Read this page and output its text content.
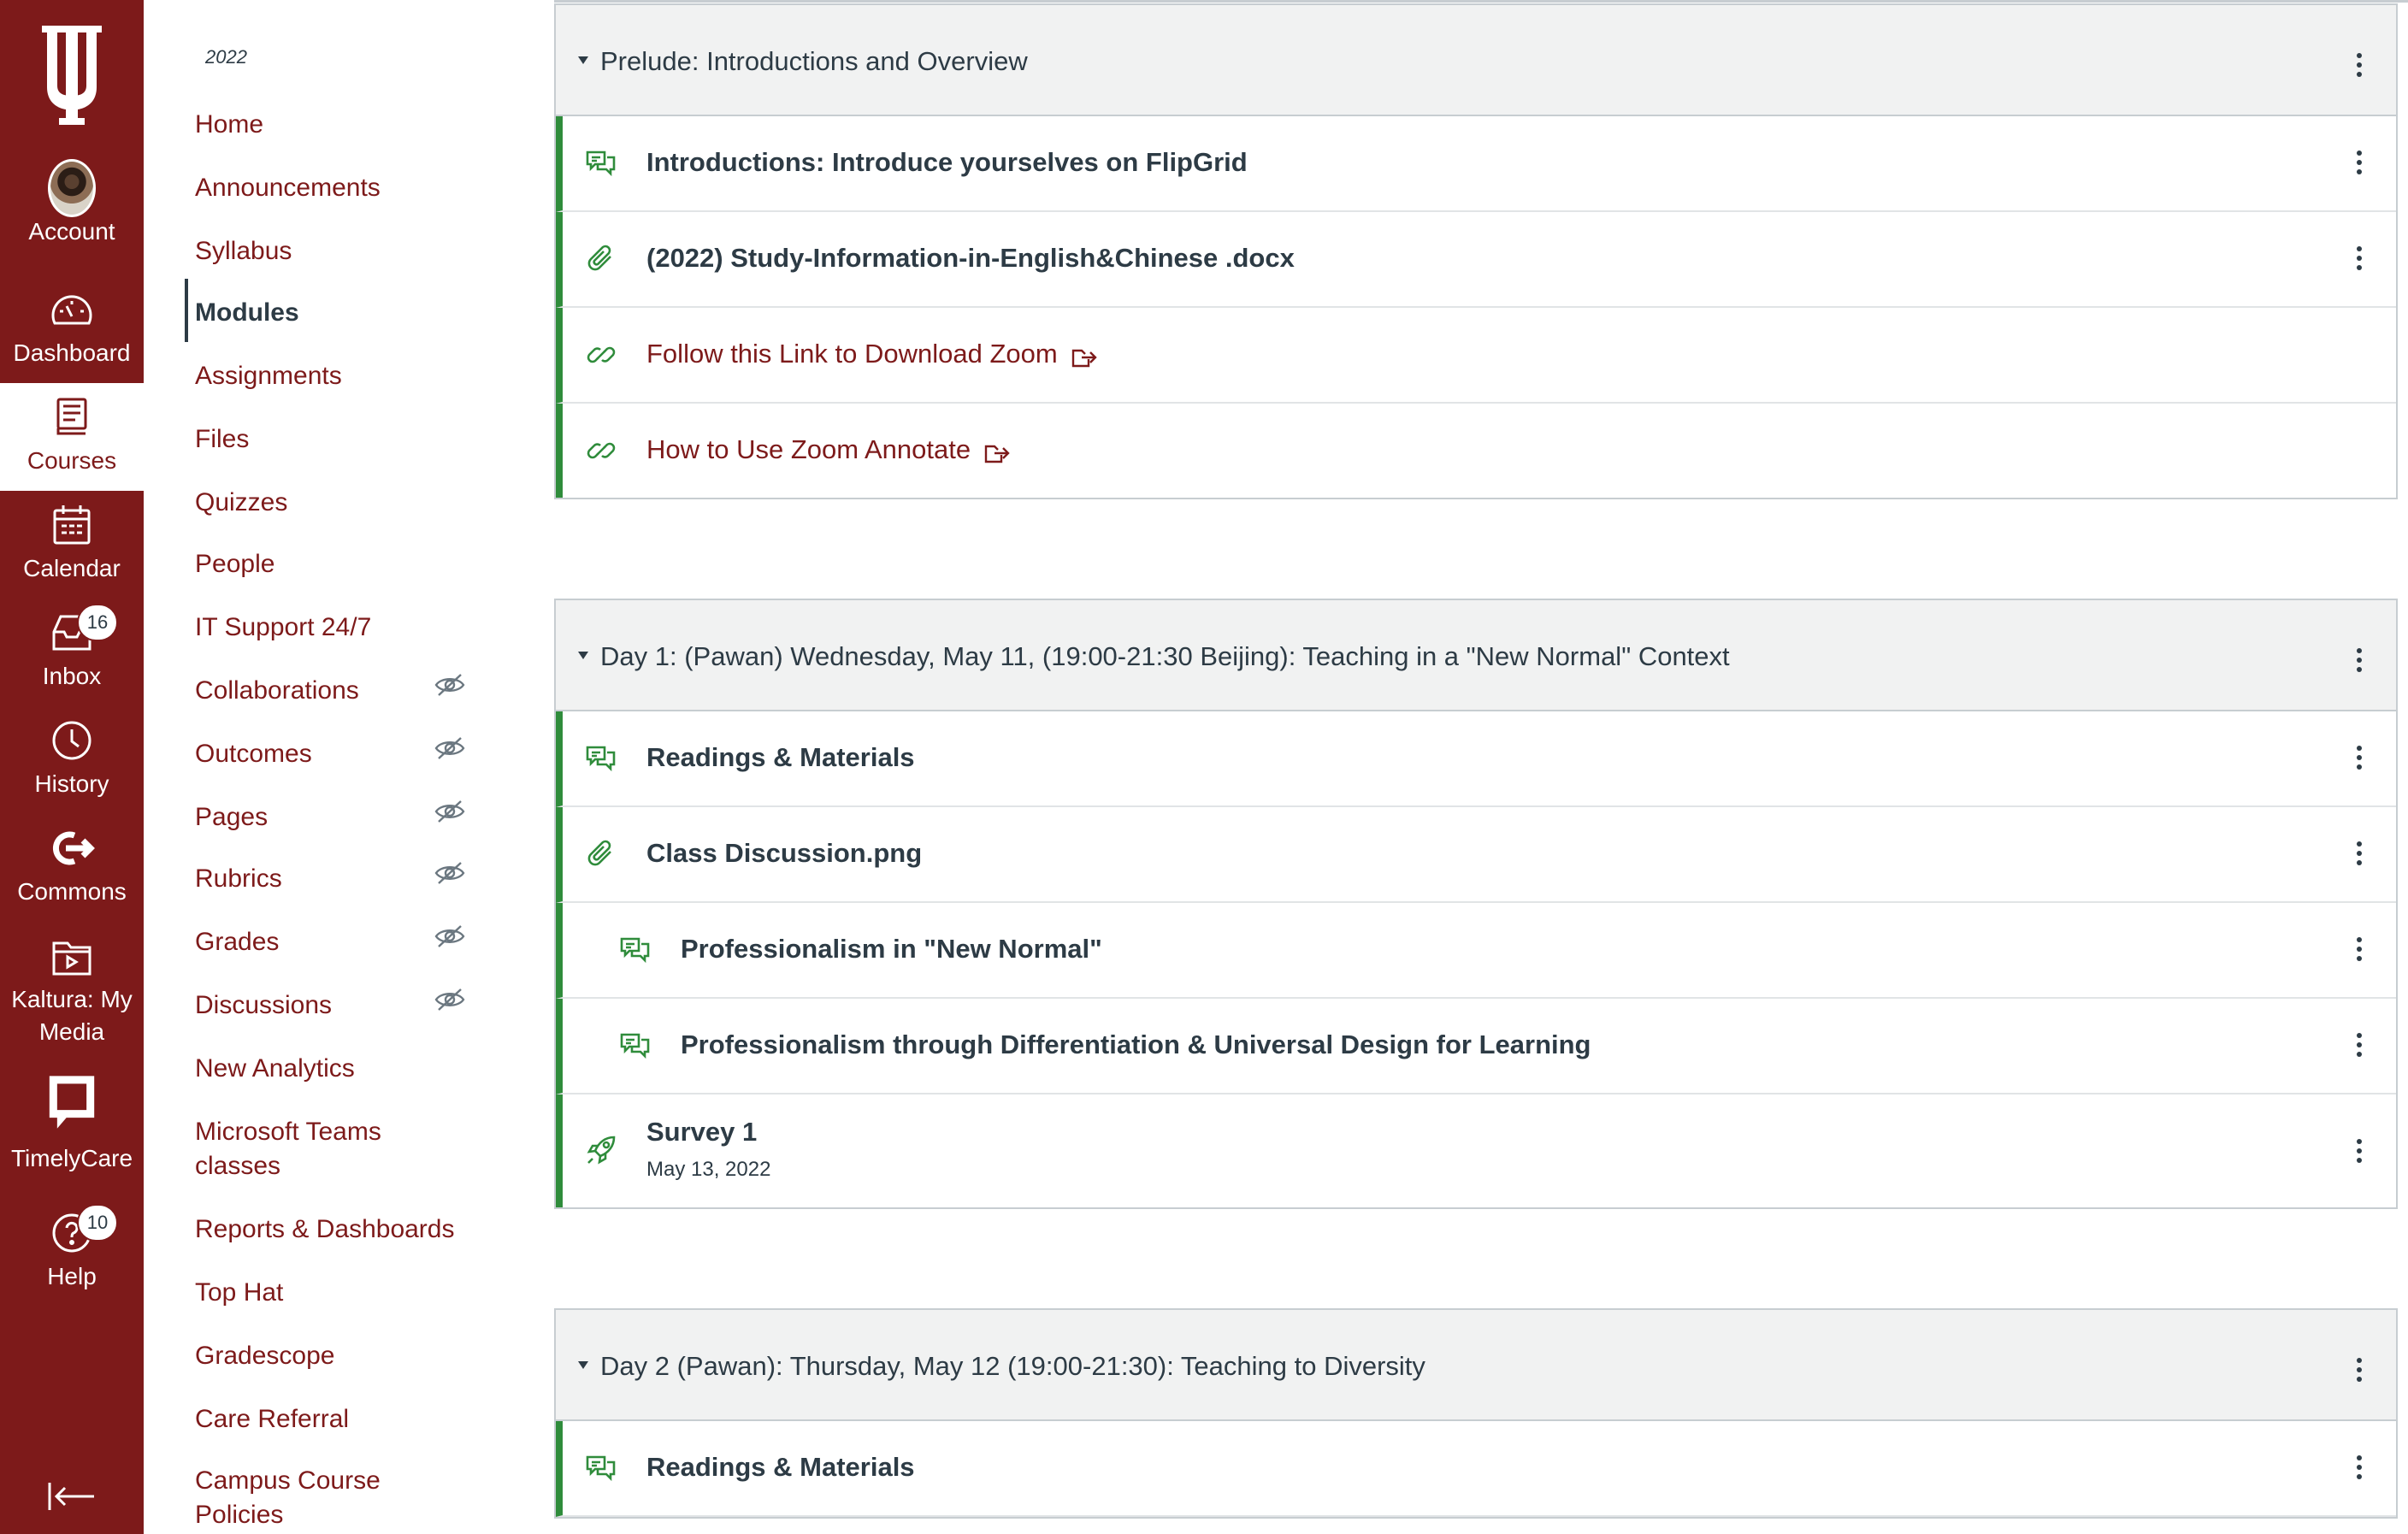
Account
Dashboard
Courses
Calendar
16
Inbox
History
Commons
Kaltura: My Media
TimelyCare
10
Help
2022
Home
Announcements
Syllabus
Modules
Assignments
Files
Quizzes
People
IT Support 24/7
Collaborations
Outcomes
Pages
Rubrics
Grades
Discussions
New Analytics
Microsoft Teams classes
Reports & Dashboards
Top Hat
Gradescope
Care Referral
Campus Course Policies
Prelude: Introductions and Overview
Introductions: Introduce yourselves on FlipGrid
(2022) Study-Information-in-English&Chinese .docx
Follow this Link to Download Zoom
How to Use Zoom Annotate
Day 1: (Pawan) Wednesday, May 11, (19:00-21:30 Beijing): Teaching in a "New Normal" Context
Readings & Materials
Class Discussion.png
Professionalism in "New Normal"
Professionalism through Differentiation & Universal Design for Learning
Survey 1
May 13, 2022
Day 2 (Pawan): Thursday, May 12 (19:00-21:30): Teaching to Diversity
Readings & Materials
